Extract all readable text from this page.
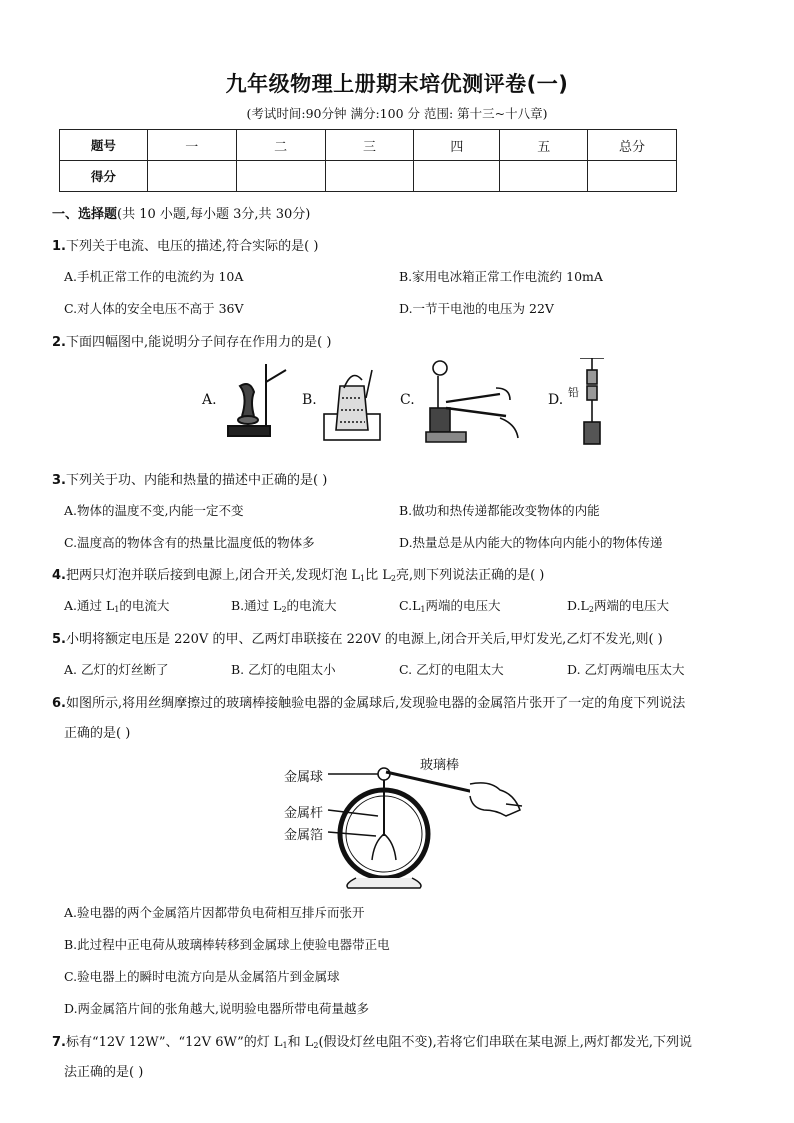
九年级物理上册期末培优测评卷(一)
(考试时间:90分钟 满分:100 分 范围: 第十三~十八章)
题号	一	二	三	四	五	总分
得分						
一、选择题(共 10 小题,每小题 3分,共 30分)
1.下列关于电流、电压的描述,符合实际的是( )
A.手机正常工作的电流约为 10A	B.家用电冰箱正常工作电流约 10mA
C.对人体的安全电压不高于 36V	D.一节干电池的电压为 22V
2.下面四幅图中,能说明分子间存在作用力的是( )
A.	B.	C.	D. 铅
3.下列关于功、内能和热量的描述中正确的是( )
A.物体的温度不变,内能一定不变	B.做功和热传递都能改变物体的内能
C.温度高的物体含有的热量比温度低的物体多	D.热量总是从内能大的物体向内能小的物体传递
4.把两只灯泡并联后接到电源上,闭合开关,发现灯泡 $L_1$比 $L_2$亮,则下列说法正确的是( )
A.通过 $L_1$的电流大	B.通过 $L_2$的电流大	$C.L_1$两端的电压大	$D.L_2$两端的电压大
5.小明将额定电压是 220V 的甲、乙两灯串联接在 220V 的电源上,闭合开关后,甲灯发光,乙灯不发光,则( )
A. 乙灯的灯丝断了	B. 乙灯的电阻太小	C. 乙灯的电阻太大	D. 乙灯两端电压太大
6.如图所示,将用丝绸摩擦过的玻璃棒接触验电器的金属球后,发现验电器的金属箔片张开了一定的角度下列说法
正确的是( )
金属球
玻璃棒
金属杆
金属箔
A.验电器的两个金属箔片因都带负电荷相互排斥而张开
B.此过程中正电荷从玻璃棒转移到金属球上使验电器带正电
C.验电器上的瞬时电流方向是从金属箔片到金属球
D.两金属箔片间的张角越大,说明验电器所带电荷量越多
7.标有“12V 12W”、“12V 6W”的灯 $L_1$和 $L_2$(假设灯丝电阻不变),若将它们串联在某电源上,两灯都发光,下列说
法正确的是( )
